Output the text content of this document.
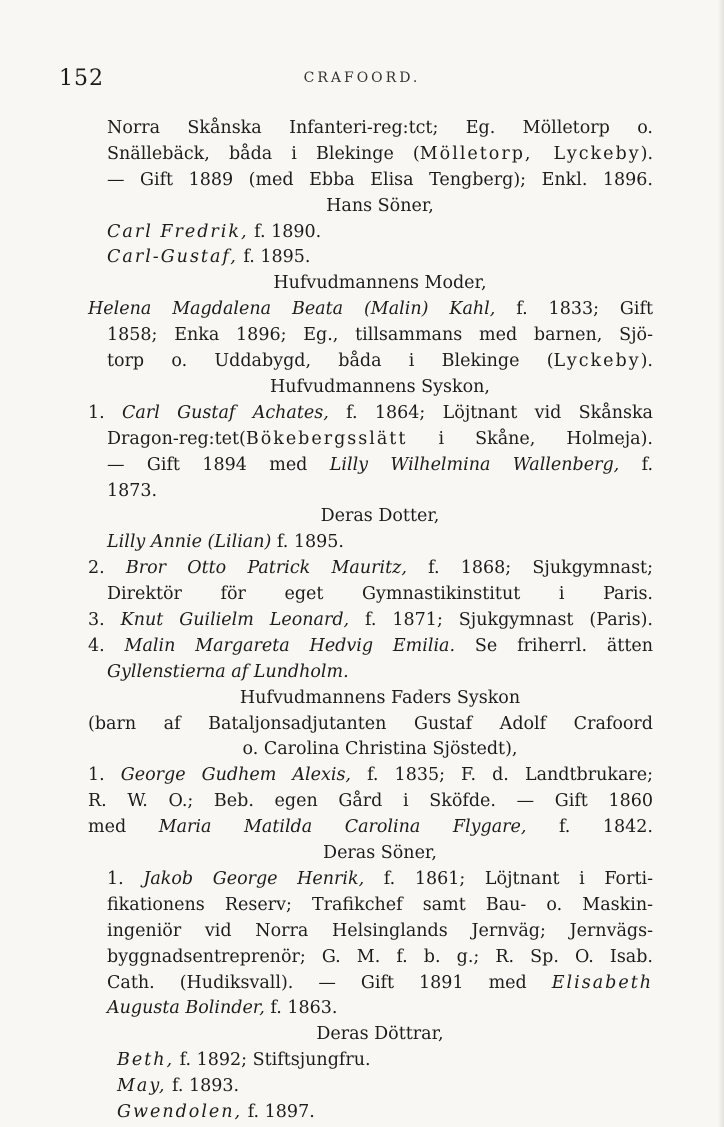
152	CRAFOORD.
Norra Skånska Infanteri-reg:tct; Eg. Mölletorp o.
Snällebäck, båda i Blekinge (Mölletorp, Lyckeby).
— Gift 1889 (med Ebba Elisa Tengberg); Enkl. 1896.
Hans Söner,
Carl Fredrik, f. 1890.
Carl-Gustaf, f. 1895.
Hufvudmannens Moder,
Helena Magdalena Beata (Malin) Kahl, f. 1833; Gift
1858; Enka 1896; Eg., tillsammans med barnen, Sjö-
torp o. Uddabygd, båda i Blekinge (Lyckeby).
Hufvudmannens Syskon,
1. Carl Gustaf Achates, f. 1864; Löjtnant vid Skånska
Dragon-reg:tet(Bökebergsslätt i Skåne, Holmeja).
— Gift 1894 med Lilly Wilhelmina Wallenberg, f.
1873.
Deras Dotter,
Lilly Annie (Lilian) f. 1895.
2. Bror Otto Patrick Mauritz, f. 1868; Sjukgymnast;
Direktör för eget Gymnastikinstitut i Paris.
3. Knut Guilielm Leonard, f. 1871; Sjukgymnast (Paris).
4. Malin Margareta Hedvig Emilia. Se friherrl. ätten
Gyllenstierna af Lundholm.
Hufvudmannens Faders Syskon
(barn af Bataljonsadjutanten Gustaf Adolf Crafoord
o. Carolina Christina Sjöstedt),
1. George Gudhem Alexis, f. 1835; F. d. Landtbrukare;
R. W. O.; Beb. egen Gård i Sköfde. — Gift 1860
med Maria Matilda Carolina Flygare, f. 1842.
Deras Söner,
1. Jakob George Henrik, f. 1861; Löjtnant i Forti-
fikationens Reserv; Trafikchef samt Bau- o. Maskin-
ingeniör vid Norra Helsinglands Jernväg; Jernvägs-
byggnadsentreprenör; G. M. f. b. g.; R. Sp. O. Isab.
Cath. (Hudiksvall). — Gift 1891 med Elisabeth
Augusta Bolinder, f. 1863.
Deras Döttrar,
Beth, f. 1892; Stiftsjungfru.
May, f. 1893.
Gwendolen, f. 1897.
